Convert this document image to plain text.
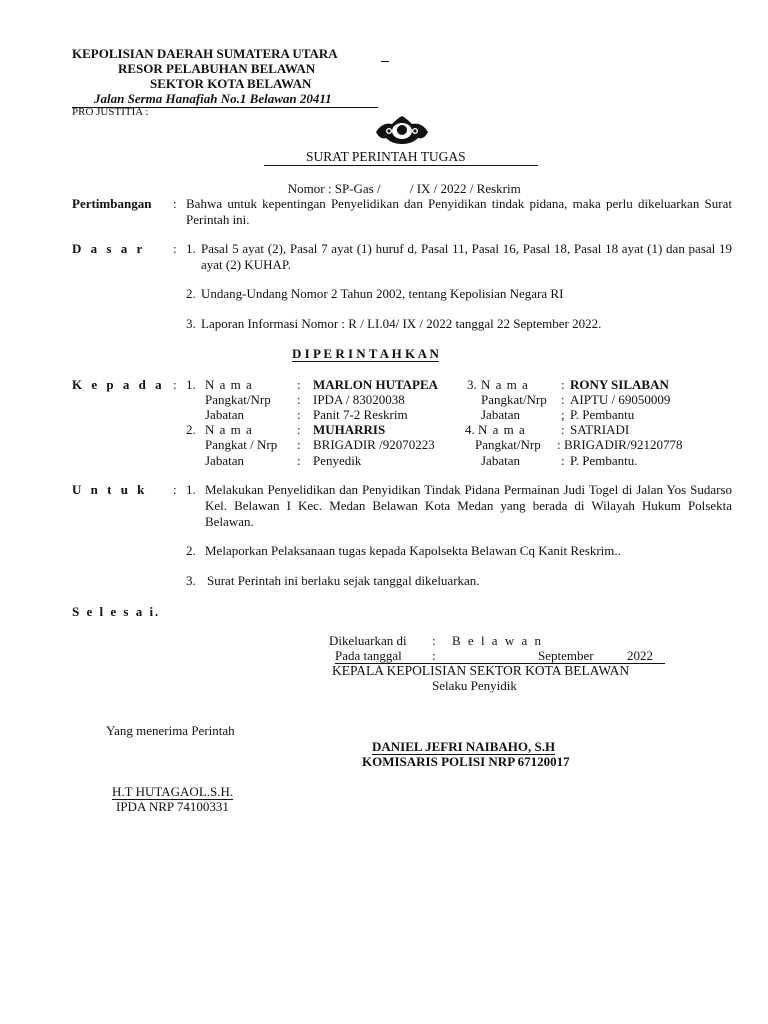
KEPOLISIAN DAERAH SUMATERA UTARA
RESOR PELABUHAN BELAWAN
SEKTOR KOTA BELAWAN
Jalan Serma Hanafiah No.1 Belawan 20411
PRO JUSTITIA :
SURAT PERINTAH TUGAS

Nomor : SP-Gas /         / IX / 2022 / Reskrim

Pertimbangan : Bahwa untuk kepentingan Penyelidikan dan Penyidikan tindak pidana, maka perlu dikeluarkan Surat Perintah ini.
D a s a r : 1. Pasal 5 ayat (2), Pasal 7 ayat (1) huruf d, Pasal 11, Pasal 16, Pasal 18, Pasal 18 ayat (1) dan pasal 19 ayat (2) KUHAP.
2. Undang-Undang Nomor 2 Tahun 2002, tentang Kepolisian Negara RI
3. Laporan Informasi Nomor : R / LI.04/ IX / 2022 tanggal 22 September 2022.
D I P E R I N T A H K A N
K e p a d a : 1. N a m a	: MARLON HUTAPEA
Pangkat/Nrp : IPDA / 83020038
Jabatan	: Panit 7-2 Reskrim
2. N a m a	: MUHARRIS
Pangkat / Nrp : BRIGADIR /92070223
Jabatan	: Penyedik
3. N a m a : RONY SILABAN
Pangkat/Nrp : AIPTU / 69050009
Jabatan	; P. Pembantu
4. N a m a	: SATRIADI
Pangkat/Nrp : BRIGADIR/92120778
Jabatan	: P. Pembantu.
U n t u k : 1. Melakukan Penyelidikan dan Penyidikan Tindak Pidana Permainan Judi Togel di Jalan Yos Sudarso Kel. Belawan I Kec. Medan Belawan Kota Medan yang berada di Wilayah Hukum Polsekta Belawan.
2. Melaporkan Pelaksanaan tugas kepada Kapolsekta Belawan Cq Kanit Reskrim..
3. Surat Perintah ini berlaku sejak tanggal dikeluarkan.
S e l e s a i.
Dikeluarkan di : B e l a w a n
Pada tanggal :	September	2022
KEPALA KEPOLISIAN SEKTOR KOTA BELAWAN
Selaku Penyidik
Yang menerima Perintah
H.T HUTAGAOL.S.H.
IPDA NRP 74100331
DANIEL JEFRI NAIBAHO, S.H
KOMISARIS POLISI NRP 67120017
